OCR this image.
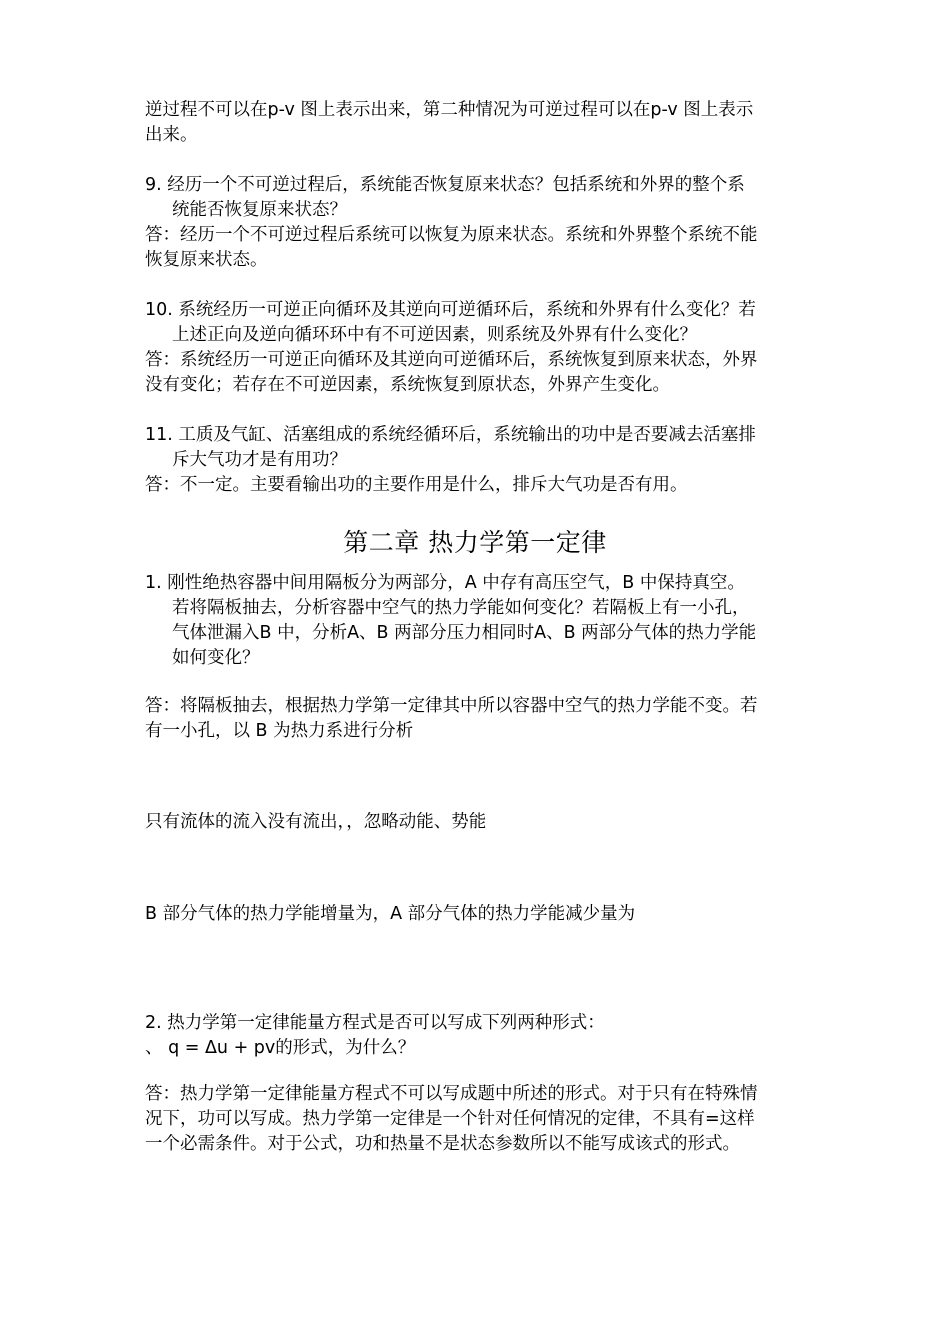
逆过程不可以在p-v 图上表示出来，第二种情况为可逆过程可以在p-v 图上表示
出来。
9. 经历一个不可逆过程后，系统能否恢复原来状态？包括系统和外界的整个系
统能否恢复原来状态？
答：经历一个不可逆过程后系统可以恢复为原来状态。系统和外界整个系统不能
恢复原来状态。
10. 系统经历一可逆正向循环及其逆向可逆循环后，系统和外界有什么变化？若
上述正向及逆向循环环中有不可逆因素，则系统及外界有什么变化？
答：系统经历一可逆正向循环及其逆向可逆循环后，系统恢复到原来状态，外界
没有变化；若存在不可逆因素，系统恢复到原状态，外界产生变化。
11. 工质及气缸、活塞组成的系统经循环后，系统输出的功中是否要减去活塞排
斥大气功才是有用功？
答：不一定。主要看输出功的主要作用是什么，排斥大气功是否有用。
第二章 热力学第一定律
1. 刚性绝热容器中间用隔板分为两部分，A 中存有高压空气，B 中保持真空。
若将隔板抽去，分析容器中空气的热力学能如何变化？若隔板上有一小孔，
气体泄漏入B 中，分析A、B 两部分压力相同时A、B 两部分气体的热力学能
如何变化？
答：将隔板抽去，根据热力学第一定律其中所以容器中空气的热力学能不变。若
有一小孔，以 B 为热力系进行分析
只有流体的流入没有流出，，忽略动能、势能
B 部分气体的热力学能增量为，A 部分气体的热力学能减少量为
2. 热力学第一定律能量方程式是否可以写成下列两种形式：
、 q = Δu + pv的形式，为什么？
答：热力学第一定律能量方程式不可以写成题中所述的形式。对于只有在特殊情
况下，功可以写成。热力学第一定律是一个针对任何情况的定律，不具有=这样
一个必需条件。对于公式，功和热量不是状态参数所以不能写成该式的形式。
